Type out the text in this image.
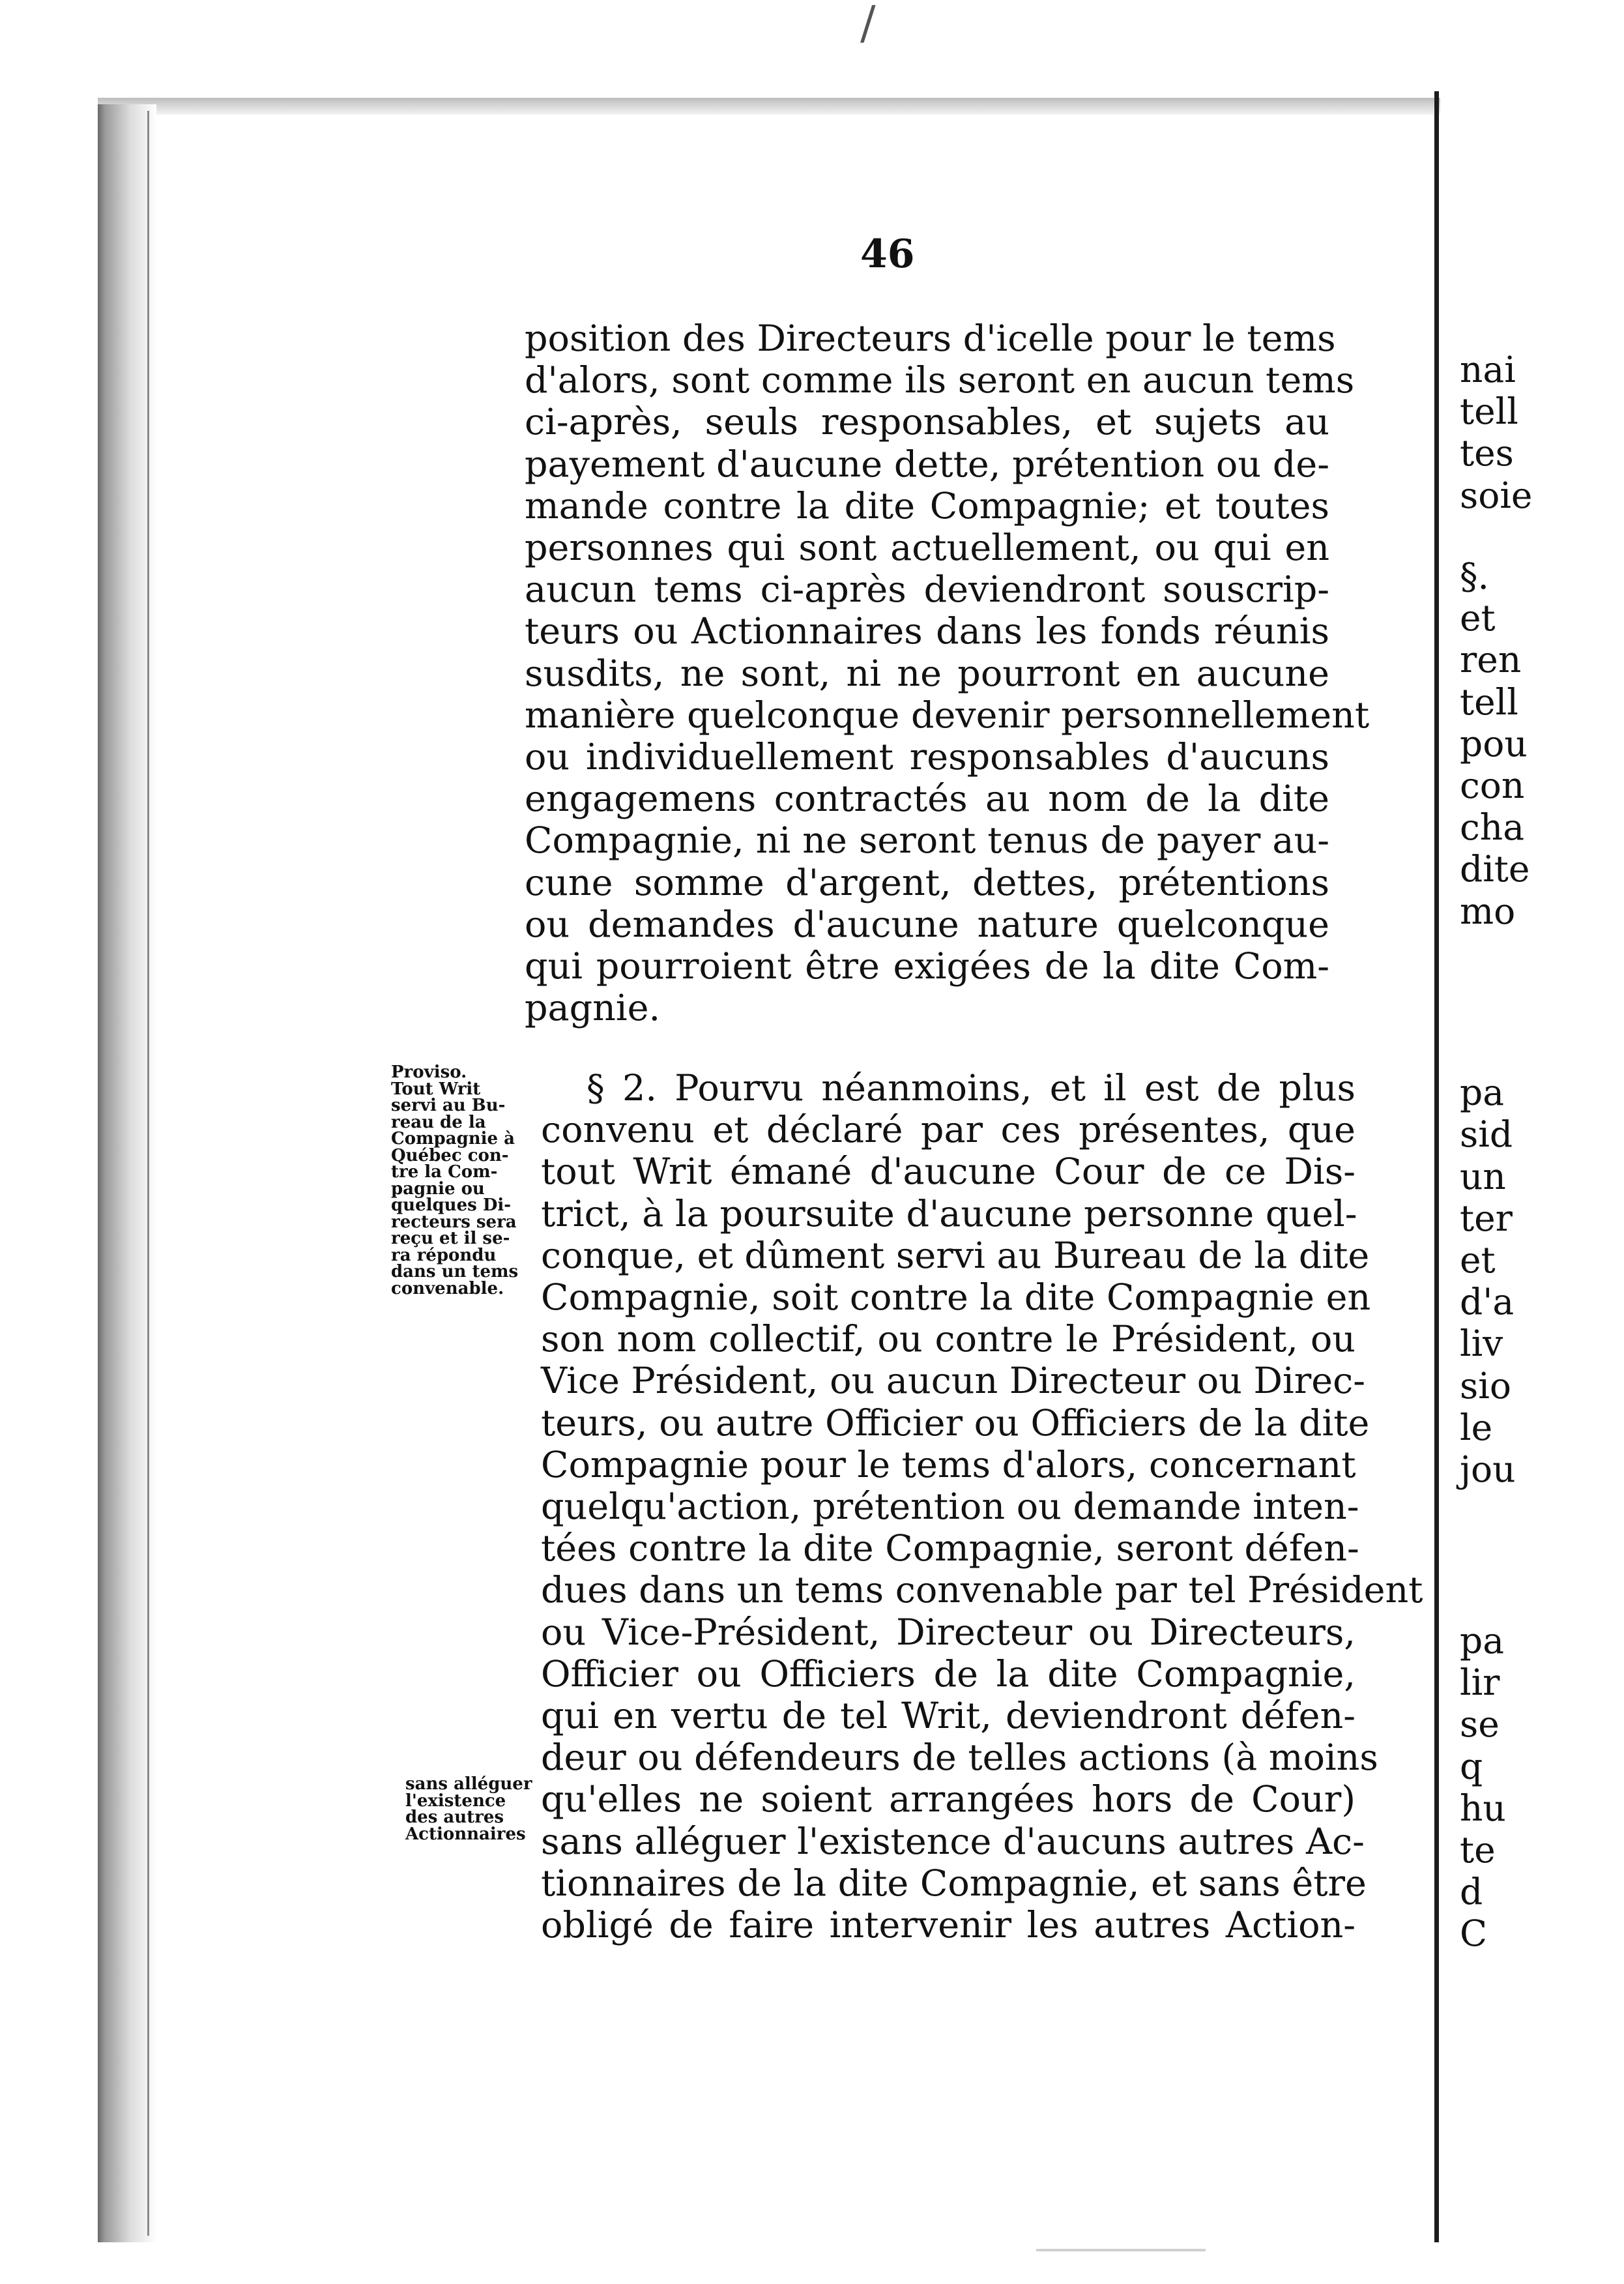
/
46
position des Directeurs d'icelle pour le tems
d'alors, sont comme ils seront en aucun tems
ci-après, seuls responsables, et sujets au
payement d'aucune dette, prétention ou de-
mande contre la dite Compagnie; et toutes
personnes qui sont actuellement, ou qui en
aucun tems ci-après deviendront souscrip-
teurs ou Actionnaires dans les fonds réunis
susdits, ne sont, ni ne pourront en aucune
manière quelconque devenir personnellement
ou individuellement responsables d'aucuns
engagemens contractés au nom de la dite
Compagnie, ni ne seront tenus de payer au-
cune somme d'argent, dettes, prétentions
ou demandes d'aucune nature quelconque
qui pourroient être exigées de la dite Com-
pagnie.
Proviso.
Tout Writ
servi au Bu-
reau de la
Compagnie à
Québec con-
tre la Com-
pagnie ou
quelques Di-
recteurs sera
reçu et il se-
ra répondu
dans un tems
convenable.
§ 2. Pourvu néanmoins, et il est de plus
convenu et déclaré par ces présentes, que
tout Writ émané d'aucune Cour de ce Dis-
trict, à la poursuite d'aucune personne quel-
conque, et dûment servi au Bureau de la dite
Compagnie, soit contre la dite Compagnie en
son nom collectif, ou contre le Président, ou
Vice Président, ou aucun Directeur ou Direc-
teurs, ou autre Officier ou Officiers de la dite
Compagnie pour le tems d'alors, concernant
quelqu'action, prétention ou demande inten-
tées contre la dite Compagnie, seront défen-
dues dans un tems convenable par tel Président
ou Vice-Président, Directeur ou Directeurs,
Officier ou Officiers de la dite Compagnie,
qui en vertu de tel Writ, deviendront défen-
deur ou défendeurs de telles actions (à moins
qu'elles ne soient arrangées hors de Cour)
sans alléguer l'existence d'aucuns autres Ac-
tionnaires de la dite Compagnie, et sans être
obligé de faire intervenir les autres Action-
sans alléguer
l'existence
des autres
Actionnaires
nai
tell
tes
soie
§.
et
ren
tell
pou
con
cha
dite
mo

pa
sid
un
ter
et
d'a
liv
sio
le
jou
pa
lir
se
q
hu
te
d
C
